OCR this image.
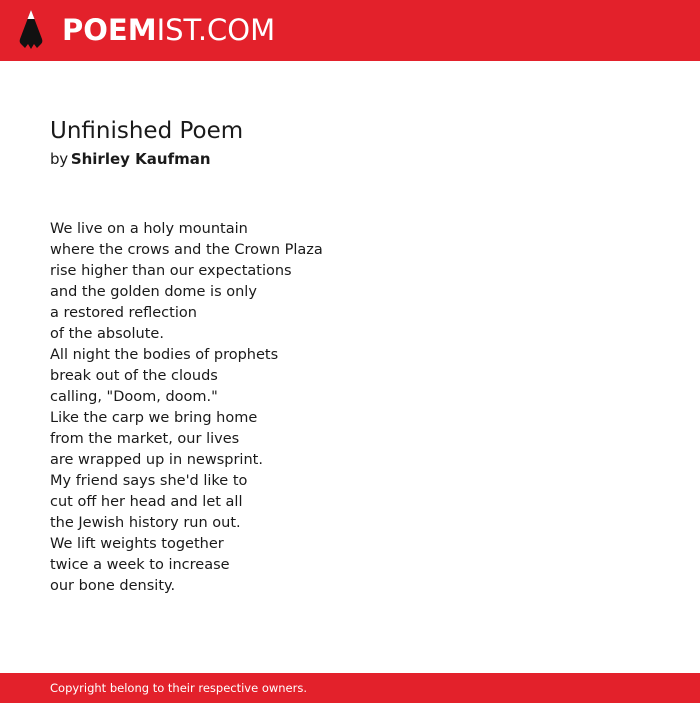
POEMIST.COM
Unfinished Poem
by Shirley Kaufman
We live on a holy mountain
where the crows and the Crown Plaza
rise higher than our expectations
and the golden dome is only
a restored reflection
of the absolute.
All night the bodies of prophets
break out of the clouds
calling, "Doom, doom."
Like the carp we bring home
from the market, our lives
are wrapped up in newsprint.
My friend says she'd like to
cut off her head and let all
the Jewish history run out.
We lift weights together
twice a week to increase
our bone density.
Copyright belong to their respective owners.
